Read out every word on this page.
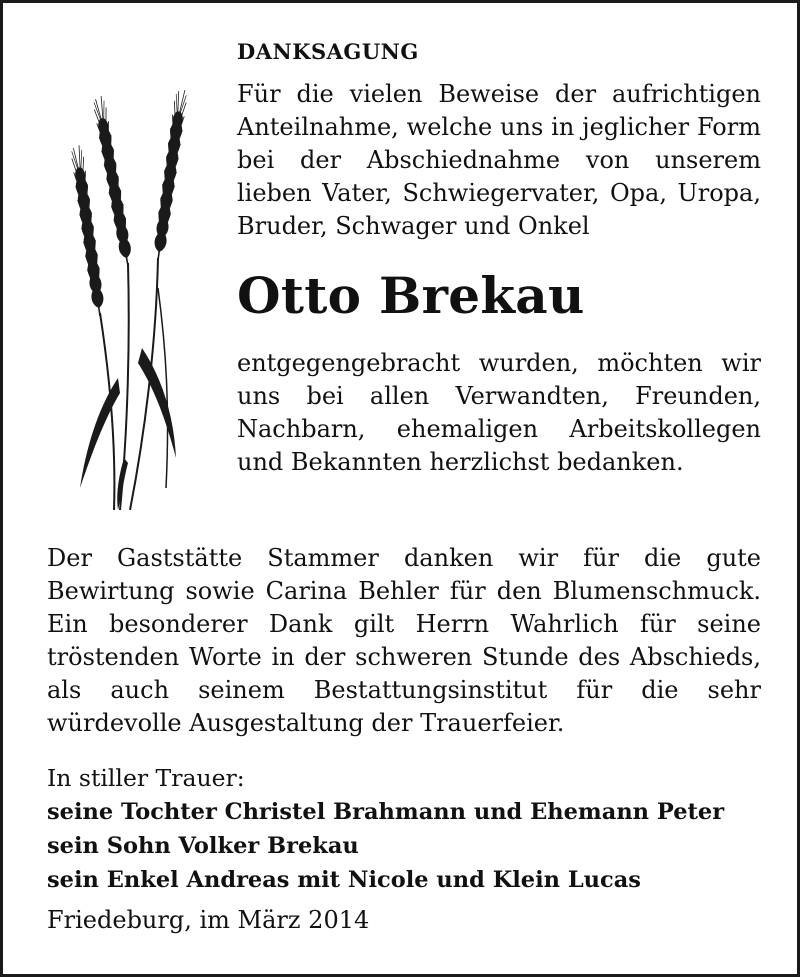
DANKSAGUNG

Für die vielen Beweise der aufrichtigen Anteilnahme, welche uns in jeglicher Form bei der Abschiednahme von unserem lieben Vater, Schwiegervater, Opa, Uropa, Bruder, Schwager und Onkel

Otto Brekau

entgegengebracht wurden, möchten wir uns bei allen Verwandten, Freunden, Nachbarn, ehemaligen Arbeitskollegen und Bekannten herzlichst bedanken.

Der Gaststätte Stammer danken wir für die gute Bewirtung sowie Carina Behler für den Blumenschmuck. Ein besonderer Dank gilt Herrn Wahrlich für seine tröstenden Worte in der schweren Stunde des Abschieds, als auch seinem Bestattungsinstitut für die sehr würdevolle Ausgestaltung der Trauerfeier.

In stiller Trauer:

seine Tochter Christel Brahmann und Ehemann Peter

sein Sohn Volker Brekau

sein Enkel Andreas mit Nicole und Klein Lucas

Friedeburg, im März 2014
